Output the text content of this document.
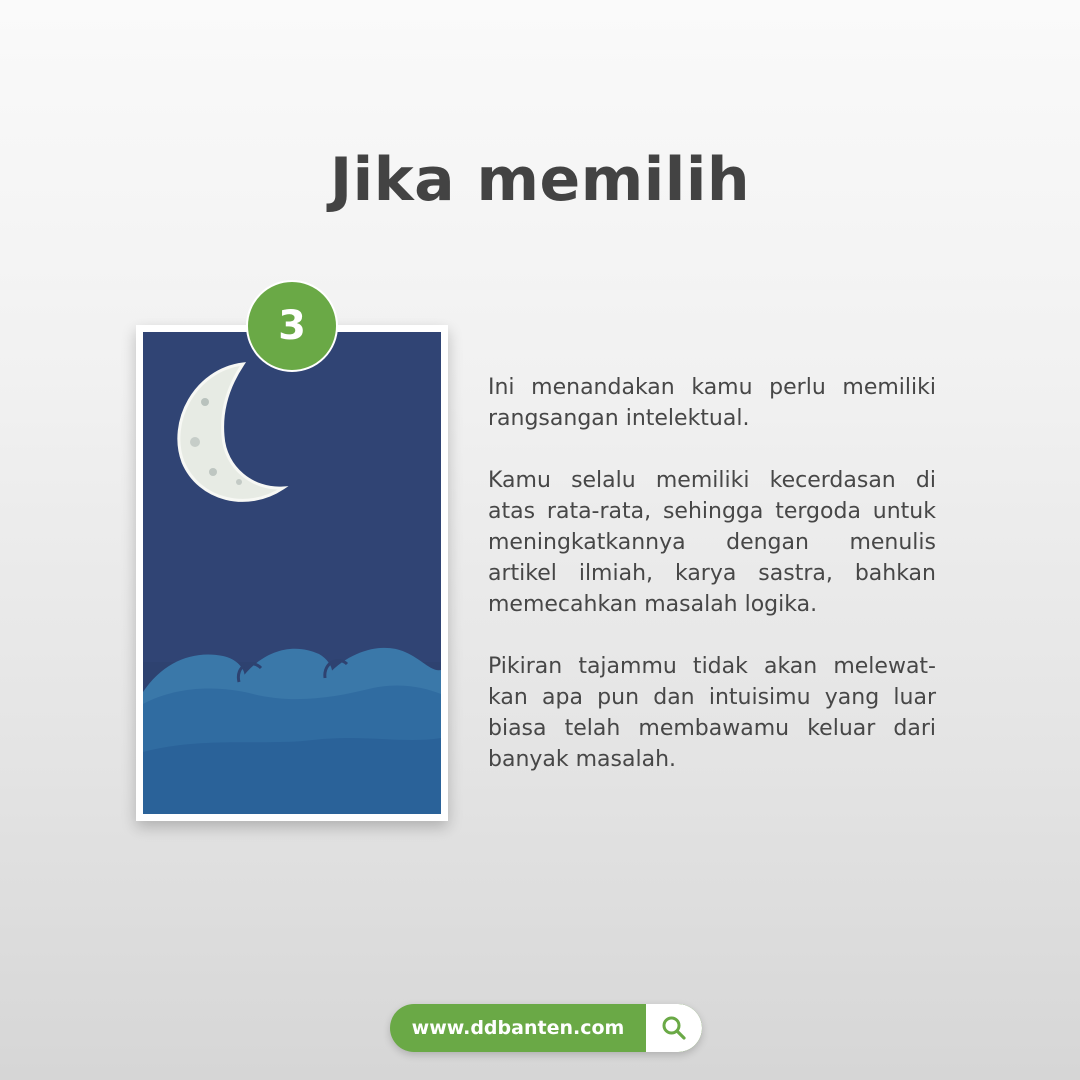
Jika memilih
3

Ini menandakan kamu perlu memiliki rangsangan intelektual.

Kamu selalu memiliki kecerdasan di atas rata-rata, sehingga tergoda untuk meningkatkannya dengan menulis artikel ilmiah, karya sastra, bahkan memecahkan masalah logika.

Pikiran tajammu tidak akan melewat-kan apa pun dan intuisimu yang luar biasa telah membawamu keluar dari banyak masalah.

www.ddbanten.com
